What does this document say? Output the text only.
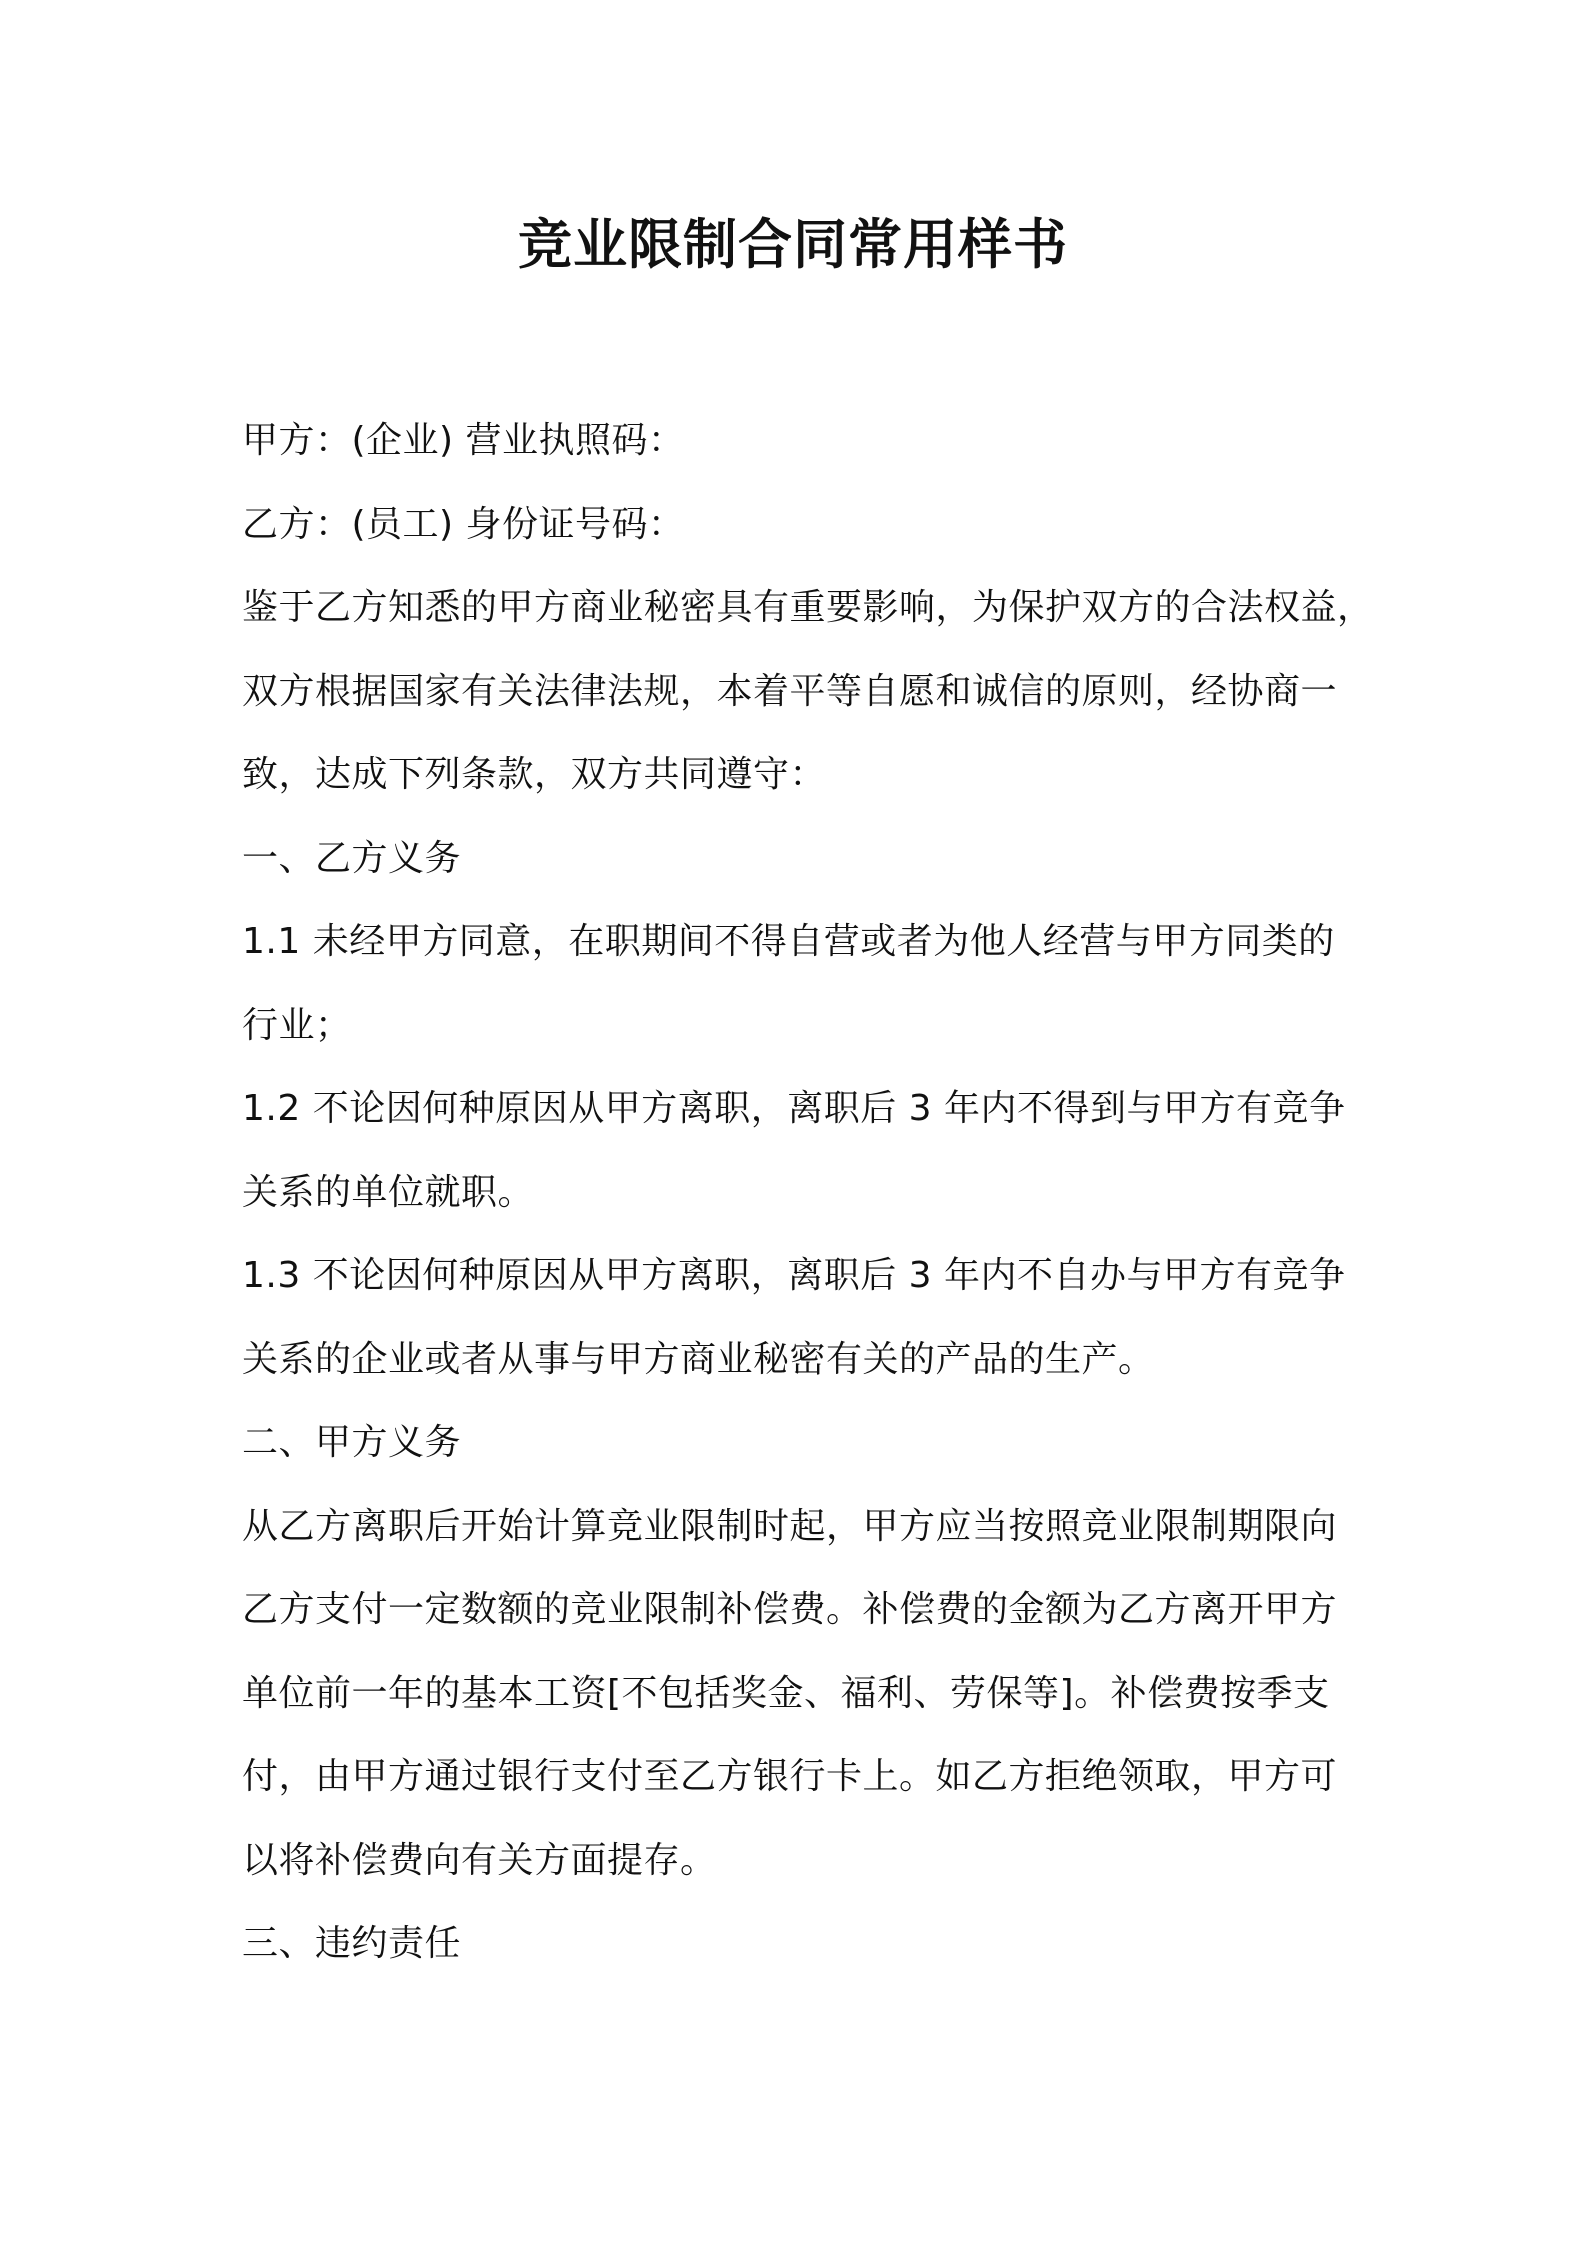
竞业限制合同常用样书
甲方：(企业) 营业执照码：
乙方：(员工) 身份证号码：
鉴于乙方知悉的甲方商业秘密具有重要影响，为保护双方的合法权益，
双方根据国家有关法律法规，本着平等自愿和诚信的原则，经协商一
致，达成下列条款，双方共同遵守：
一、乙方义务
1.1 未经甲方同意，在职期间不得自营或者为他人经营与甲方同类的
行业；
1.2 不论因何种原因从甲方离职，离职后 3 年内不得到与甲方有竞争
关系的单位就职。
1.3 不论因何种原因从甲方离职，离职后 3 年内不自办与甲方有竞争
关系的企业或者从事与甲方商业秘密有关的产品的生产。
二、甲方义务
从乙方离职后开始计算竞业限制时起，甲方应当按照竞业限制期限向
乙方支付一定数额的竞业限制补偿费。补偿费的金额为乙方离开甲方
单位前一年的基本工资[不包括奖金、福利、劳保等]。补偿费按季支
付，由甲方通过银行支付至乙方银行卡上。如乙方拒绝领取，甲方可
以将补偿费向有关方面提存。
三、违约责任
